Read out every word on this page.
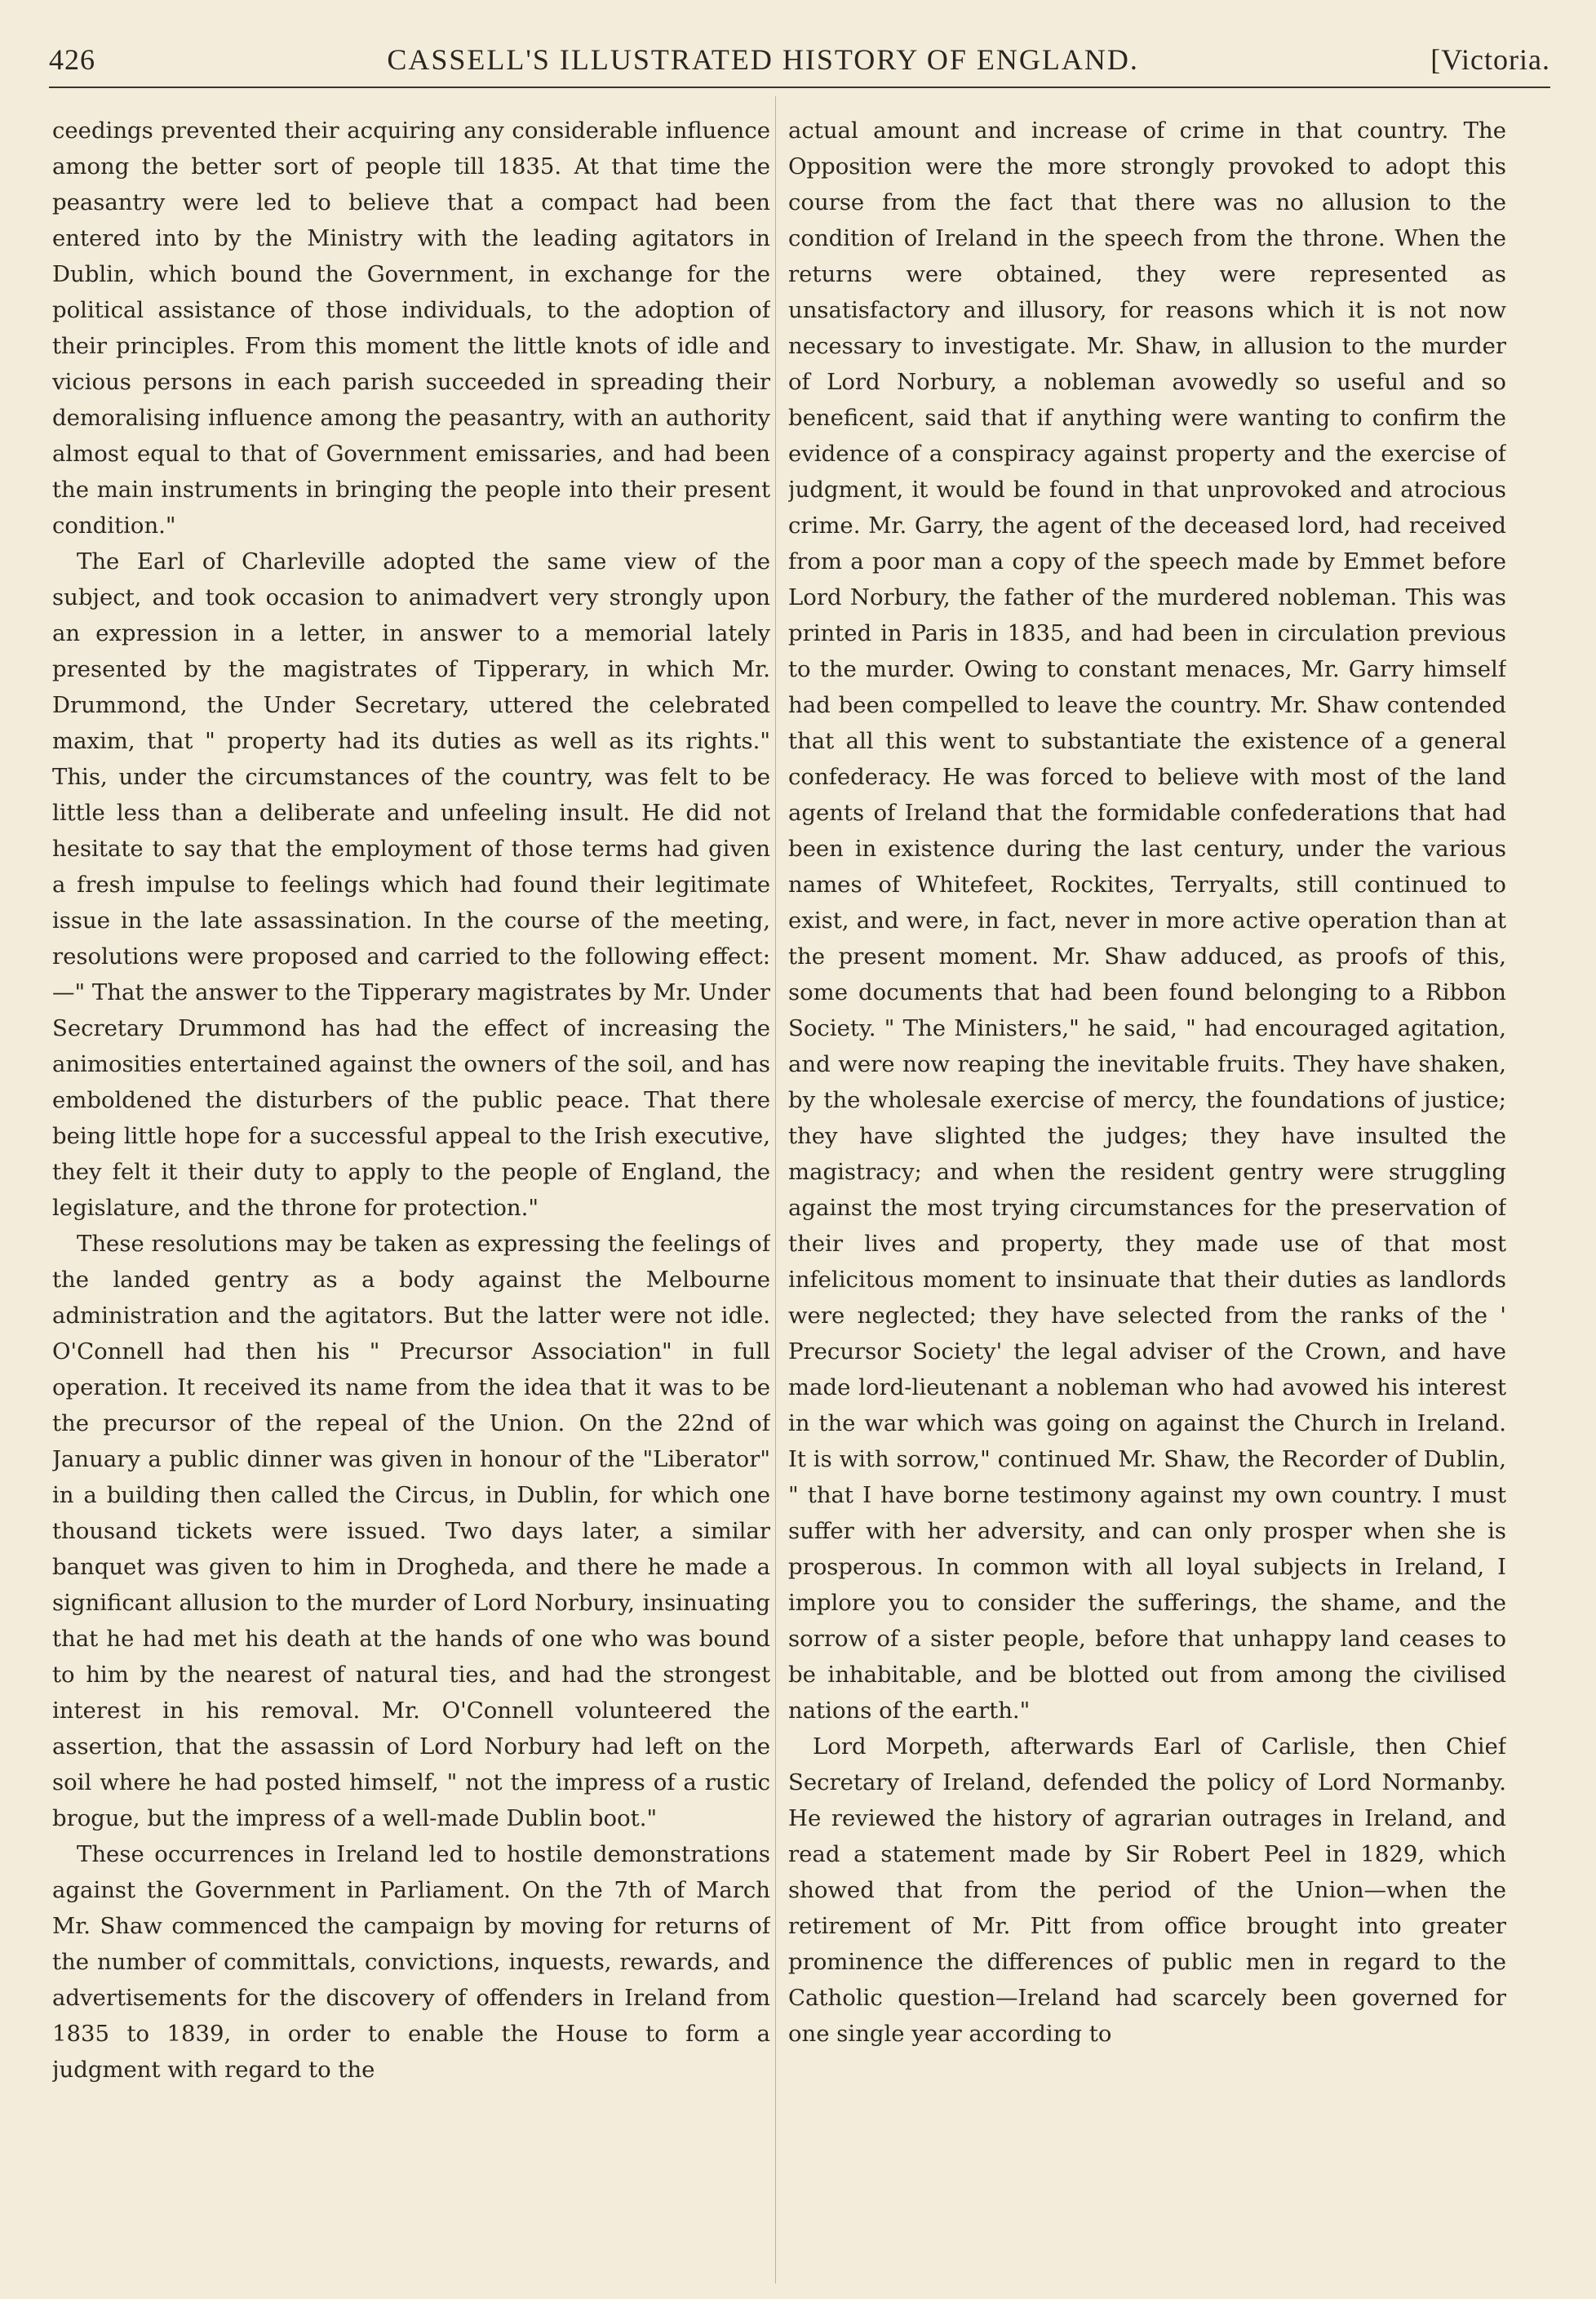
426	CASSELL'S ILLUSTRATED HISTORY OF ENGLAND.	[Victoria.

ceedings prevented their acquiring any considerable influence among the better sort of people till 1835. At that time the peasantry were led to believe that a compact had been entered into by the Ministry with the leading agitators in Dublin, which bound the Government, in exchange for the political assistance of those individuals, to the adoption of their principles. From this moment the little knots of idle and vicious persons in each parish succeeded in spreading their demoralising influence among the peasantry, with an authority almost equal to that of Government emissaries, and had been the main instruments in bringing the people into their present condition."

The Earl of Charleville adopted the same view of the subject, and took occasion to animadvert very strongly upon an expression in a letter, in answer to a memorial lately presented by the magistrates of Tipperary, in which Mr. Drummond, the Under Secretary, uttered the celebrated maxim, that " property had its duties as well as its rights." This, under the circumstances of the country, was felt to be little less than a deliberate and unfeeling insult. He did not hesitate to say that the employment of those terms had given a fresh impulse to feelings which had found their legitimate issue in the late assassination. In the course of the meeting, resolutions were proposed and carried to the following effect: —" That the answer to the Tipperary magistrates by Mr. Under Secretary Drummond has had the effect of increasing the animosities entertained against the owners of the soil, and has emboldened the disturbers of the public peace. That there being little hope for a successful appeal to the Irish executive, they felt it their duty to apply to the people of England, the legislature, and the throne for protection."

These resolutions may be taken as expressing the feelings of the landed gentry as a body against the Melbourne administration and the agitators. But the latter were not idle. O'Connell had then his " Precursor Association" in full operation. It received its name from the idea that it was to be the precursor of the repeal of the Union. On the 22nd of January a public dinner was given in honour of the "Liberator" in a building then called the Circus, in Dublin, for which one thousand tickets were issued. Two days later, a similar banquet was given to him in Drogheda, and there he made a significant allusion to the murder of Lord Norbury, insinuating that he had met his death at the hands of one who was bound to him by the nearest of natural ties, and had the strongest interest in his removal. Mr. O'Connell volunteered the assertion, that the assassin of Lord Norbury had left on the soil where he had posted himself, " not the impress of a rustic brogue, but the impress of a well-made Dublin boot."

These occurrences in Ireland led to hostile demonstrations against the Government in Parliament. On the 7th of March Mr. Shaw commenced the campaign by moving for returns of the number of committals, convictions, inquests, rewards, and advertisements for the discovery of offenders in Ireland from 1835 to 1839, in order to enable the House to form a judgment with regard to the

actual amount and increase of crime in that country. The Opposition were the more strongly provoked to adopt this course from the fact that there was no allusion to the condition of Ireland in the speech from the throne. When the returns were obtained, they were represented as unsatisfactory and illusory, for reasons which it is not now necessary to investigate. Mr. Shaw, in allusion to the murder of Lord Norbury, a nobleman avowedly so useful and so beneficent, said that if anything were wanting to confirm the evidence of a conspiracy against property and the exercise of judgment, it would be found in that unprovoked and atrocious crime. Mr. Garry, the agent of the deceased lord, had received from a poor man a copy of the speech made by Emmet before Lord Norbury, the father of the murdered nobleman. This was printed in Paris in 1835, and had been in circulation previous to the murder. Owing to constant menaces, Mr. Garry himself had been compelled to leave the country. Mr. Shaw contended that all this went to substantiate the existence of a general confederacy. He was forced to believe with most of the land agents of Ireland that the formidable confederations that had been in existence during the last century, under the various names of Whitefeet, Rockites, Terryalts, still continued to exist, and were, in fact, never in more active operation than at the present moment. Mr. Shaw adduced, as proofs of this, some documents that had been found belonging to a Ribbon Society. " The Ministers," he said, " had encouraged agitation, and were now reaping the inevitable fruits. They have shaken, by the wholesale exercise of mercy, the foundations of justice; they have slighted the judges; they have insulted the magistracy; and when the resident gentry were struggling against the most trying circumstances for the preservation of their lives and property, they made use of that most infelicitous moment to insinuate that their duties as landlords were neglected; they have selected from the ranks of the ' Precursor Society' the legal adviser of the Crown, and have made lord-lieutenant a nobleman who had avowed his interest in the war which was going on against the Church in Ireland. It is with sorrow," continued Mr. Shaw, the Recorder of Dublin, " that I have borne testimony against my own country. I must suffer with her adversity, and can only prosper when she is prosperous. In common with all loyal subjects in Ireland, I implore you to consider the sufferings, the shame, and the sorrow of a sister people, before that unhappy land ceases to be inhabitable, and be blotted out from among the civilised nations of the earth."

Lord Morpeth, afterwards Earl of Carlisle, then Chief Secretary of Ireland, defended the policy of Lord Normanby. He reviewed the history of agrarian outrages in Ireland, and read a statement made by Sir Robert Peel in 1829, which showed that from the period of the Union—when the retirement of Mr. Pitt from office brought into greater prominence the differences of public men in regard to the Catholic question—Ireland had scarcely been governed for one single year according to
